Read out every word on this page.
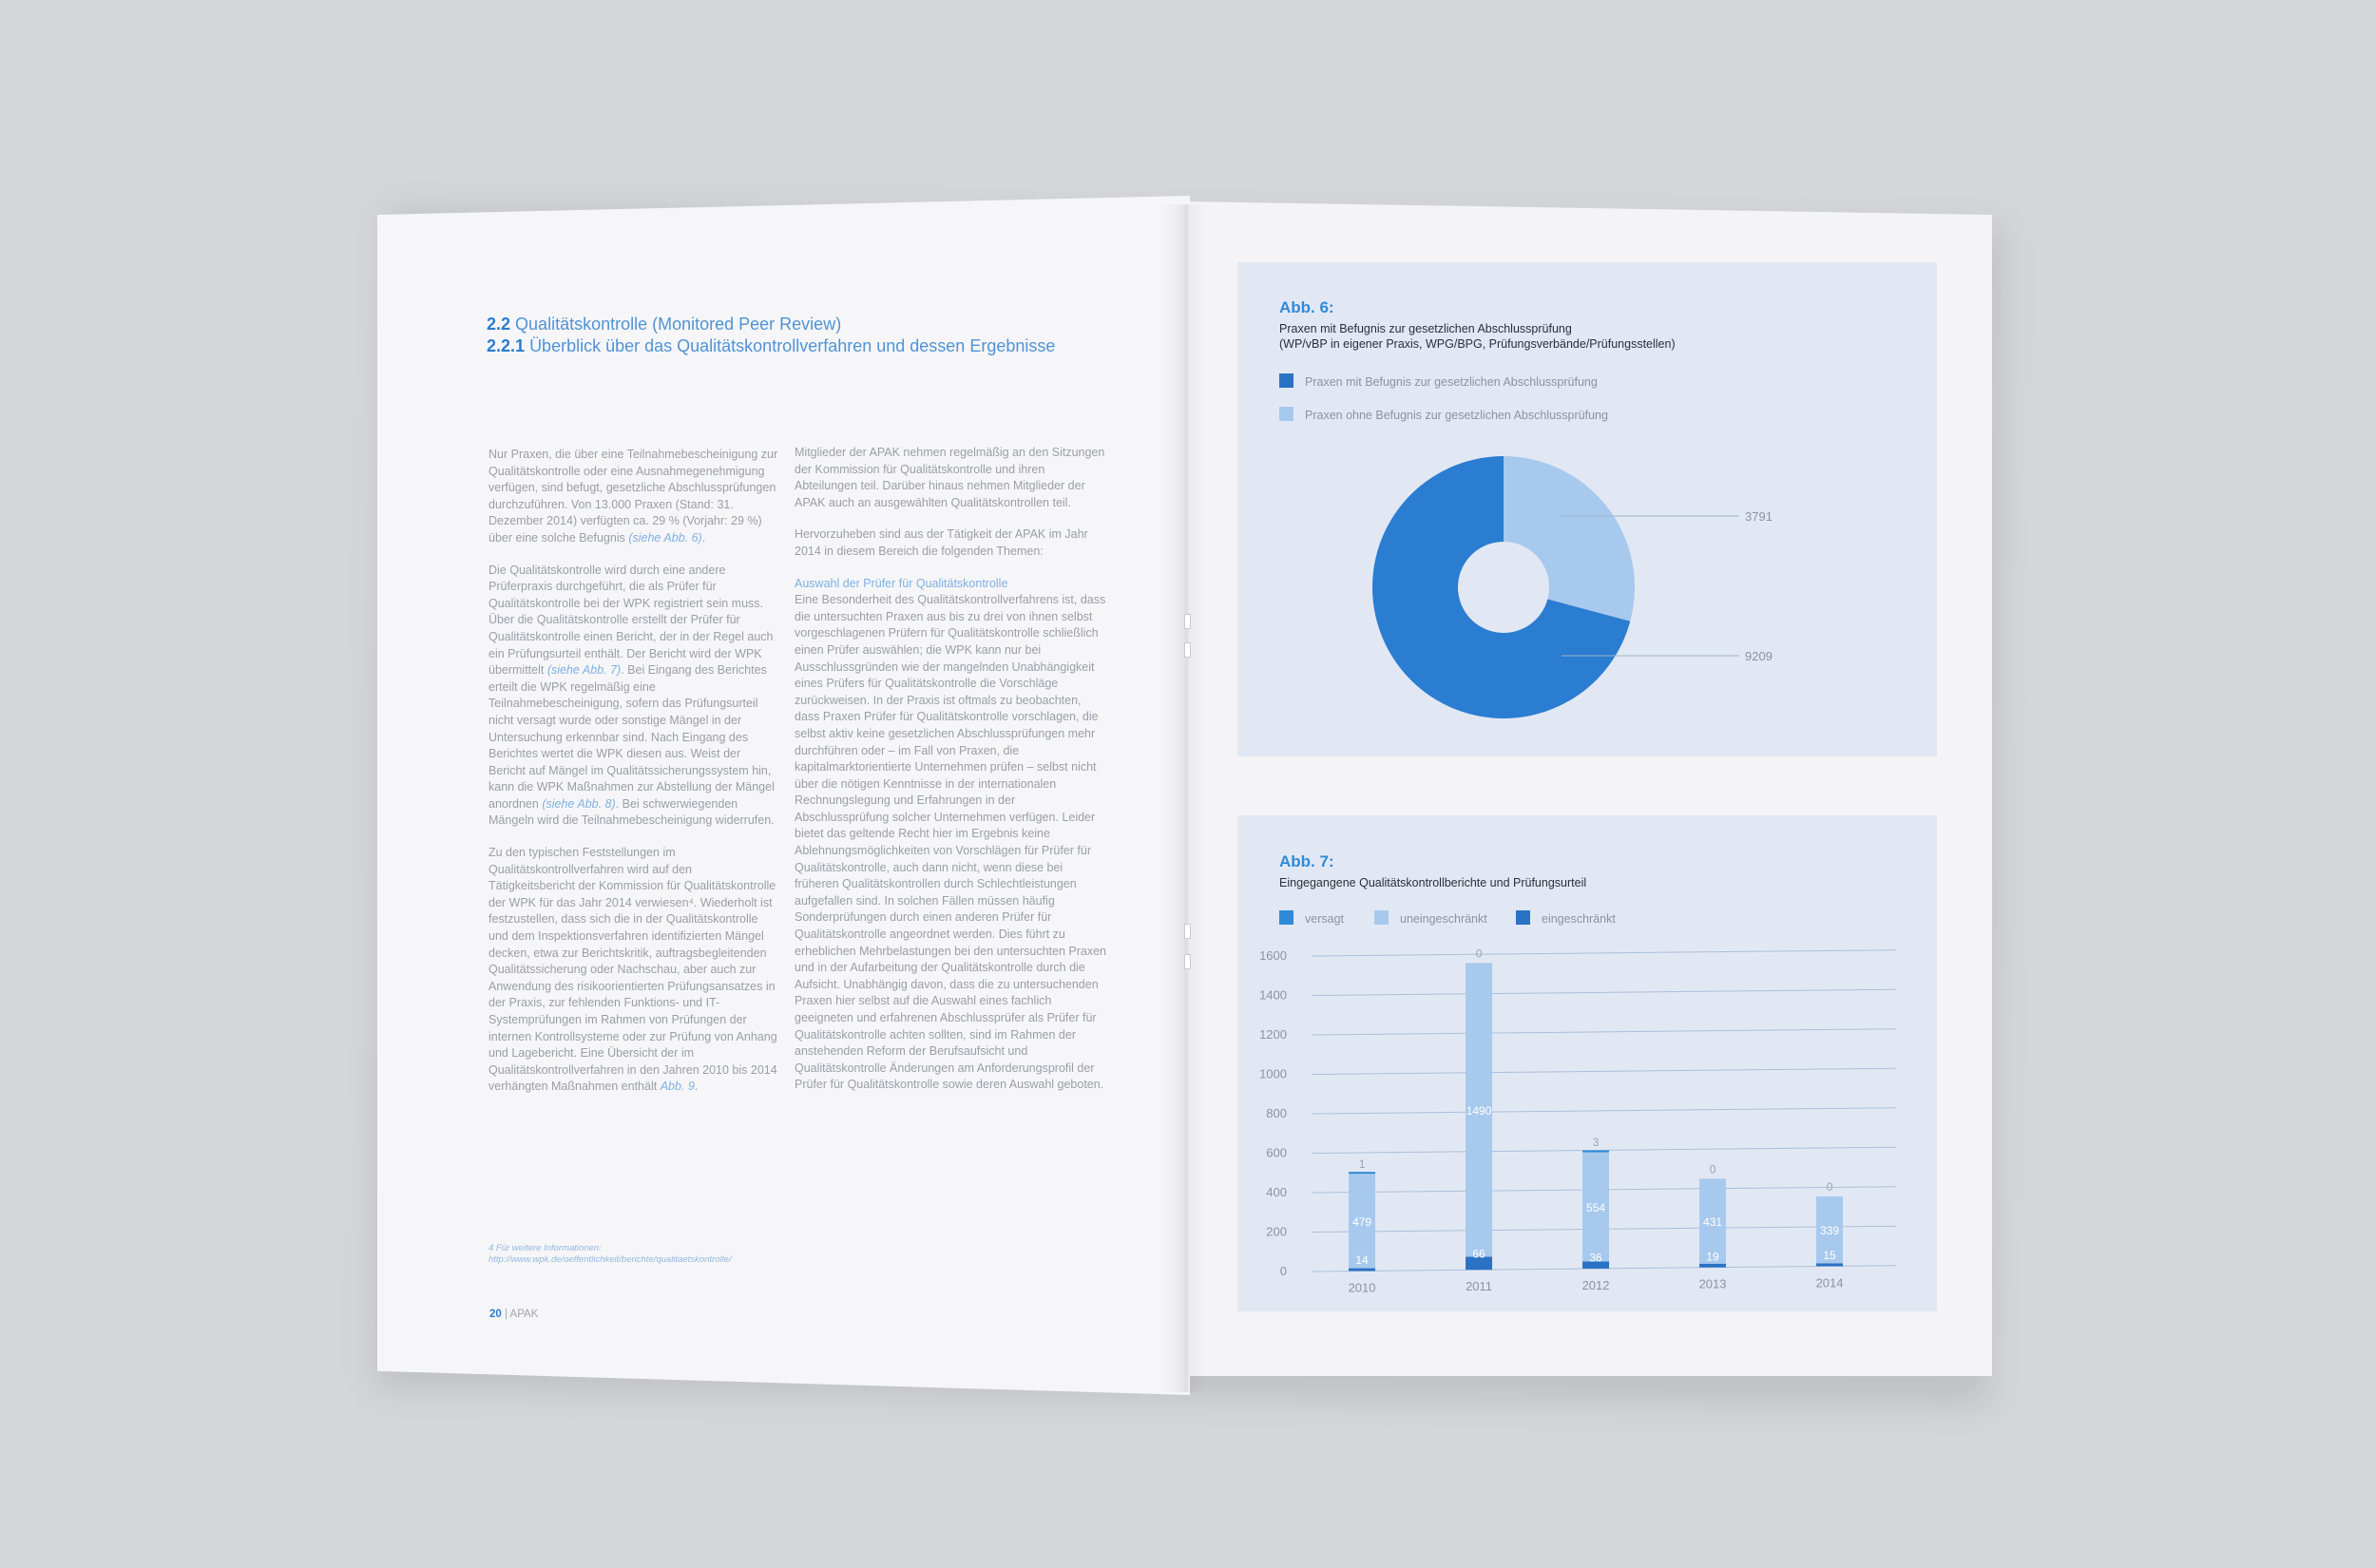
2.2 Qualitätskontrolle (Monitored Peer Review)
2.2.1 Überblick über das Qualitätskontrollverfahren und dessen Ergebnisse

Nur Praxen, die über eine Teilnahmebescheinigung zur Qualitätskontrolle oder eine Ausnahmegenehmigung verfügen, sind befugt, gesetzliche Abschlussprüfungen durchzuführen. Von 13.000 Praxen (Stand: 31. Dezember 2014) verfügten ca. 29 % (Vorjahr: 29 %) über eine solche Befugnis (siehe Abb. 6).

Die Qualitätskontrolle wird durch eine andere Prüferpraxis durchgeführt, die als Prüfer für Qualitätskontrolle bei der WPK registriert sein muss. Über die Qualitätskontrolle erstellt der Prüfer für Qualitätskontrolle einen Bericht, der in der Regel auch ein Prüfungsurteil enthält. Der Bericht wird der WPK übermittelt (siehe Abb. 7). Bei Eingang des Berichtes erteilt die WPK regelmäßig eine Teilnahmebescheinigung, sofern das Prüfungsurteil nicht versagt wurde oder sonstige Mängel in der Untersuchung erkennbar sind. Nach Eingang des Berichtes wertet die WPK diesen aus. Weist der Bericht auf Mängel im Qualitätssicherungssystem hin, kann die WPK Maßnahmen zur Abstellung der Mängel anordnen (siehe Abb. 8). Bei schwerwiegenden Mängeln wird die Teilnahmebescheinigung widerrufen.

Zu den typischen Feststellungen im Qualitätskontrollverfahren wird auf den Tätigkeitsbericht der Kommission für Qualitätskontrolle der WPK für das Jahr 2014 verwiesen⁴. Wiederholt ist festzustellen, dass sich die in der Qualitätskontrolle und dem Inspektionsverfahren identifizierten Mängel decken, etwa zur Berichtskritik, auftragsbegleitenden Qualitätssicherung oder Nachschau, aber auch zur Anwendung des risikoorientierten Prüfungsansatzes in der Praxis, zur fehlenden Funktions- und IT-Systemprüfungen im Rahmen von Prüfungen der internen Kontrollsysteme oder zur Prüfung von Anhang und Lagebericht. Eine Übersicht der im Qualitätskontrollverfahren in den Jahren 2010 bis 2014 verhängten Maßnahmen enthält Abb. 9.

Mitglieder der APAK nehmen regelmäßig an den Sitzungen der Kommission für Qualitätskontrolle und ihren Abteilungen teil. Darüber hinaus nehmen Mitglieder der APAK auch an ausgewählten Qualitätskontrollen teil.

Hervorzuheben sind aus der Tätigkeit der APAK im Jahr 2014 in diesem Bereich die folgenden Themen:

Auswahl der Prüfer für Qualitätskontrolle
Eine Besonderheit des Qualitätskontrollverfahrens ist, dass die untersuchten Praxen aus bis zu drei von ihnen selbst vorgeschlagenen Prüfern für Qualitätskontrolle schließlich einen Prüfer auswählen; die WPK kann nur bei Ausschlussgründen wie der mangelnden Unabhängigkeit eines Prüfers für Qualitätskontrolle die Vorschläge zurückweisen. In der Praxis ist oftmals zu beobachten, dass Praxen Prüfer für Qualitätskontrolle vorschlagen, die selbst aktiv keine gesetzlichen Abschlussprüfungen mehr durchführen oder – im Fall von Praxen, die kapitalmarktorientierte Unternehmen prüfen – selbst nicht über die nötigen Kenntnisse in der internationalen Rechnungslegung und Erfahrungen in der Abschlussprüfung solcher Unternehmen verfügen. Leider bietet das geltende Recht hier im Ergebnis keine Ablehnungsmöglichkeiten von Vorschlägen für Prüfer für Qualitätskontrolle, auch dann nicht, wenn diese bei früheren Qualitätskontrollen durch Schlechtleistungen aufgefallen sind. In solchen Fällen müssen häufig Sonderprüfungen durch einen anderen Prüfer für Qualitätskontrolle angeordnet werden. Dies führt zu erheblichen Mehrbelastungen bei den untersuchten Praxen und in der Aufarbeitung der Qualitätskontrolle durch die Aufsicht. Unabhängig davon, dass die zu untersuchenden Praxen hier selbst auf die Auswahl eines fachlich geeigneten und erfahrenen Abschlussprüfer als Prüfer für Qualitätskontrolle achten sollten, sind im Rahmen der anstehenden Reform der Berufsaufsicht und Qualitätskontrolle Änderungen am Anforderungsprofil der Prüfer für Qualitätskontrolle sowie deren Auswahl geboten.

4 Für weitere Informationen: http://www.wpk.de/oeffentlichkeit/berichte/qualitaetskontrolle/
20 | APAK
Abb. 6:
Praxen mit Befugnis zur gesetzlichen Abschlussprüfung
(WP/vBP in eigener Praxis, WPG/BPG, Prüfungsverbände/Prüfungsstellen)
Praxen mit Befugnis zur gesetzlichen Abschlussprüfung
Praxen ohne Befugnis zur gesetzlichen Abschlussprüfung
3791
9209
Abb. 7:
Eingegangene Qualitätskontrollberichte und Prüfungsurteil
versagt	uneingeschränkt	eingeschränkt
0
200
400
600
800
1000
1200
1400
1600
14
479
1
2010
66
1490
0
2011
36
554
3
2012
19
431
0
2013
15
339
0
2014
